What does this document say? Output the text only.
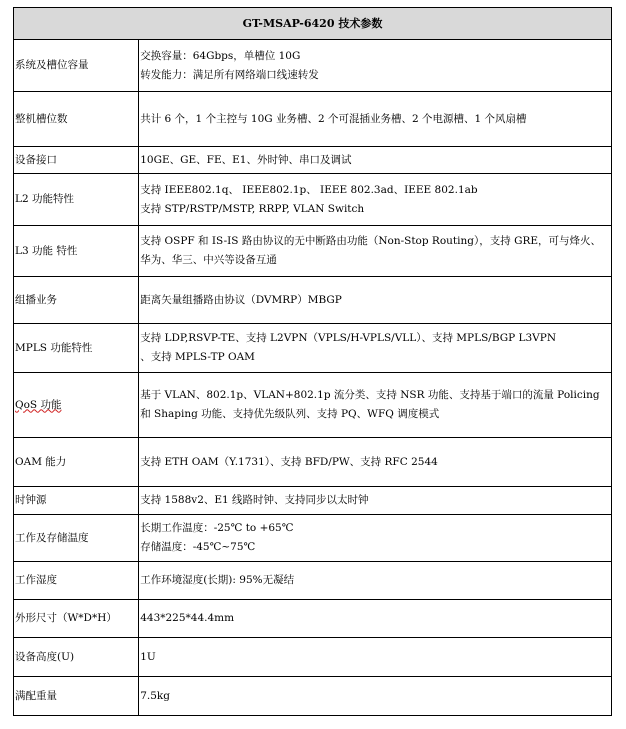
GT-MSAP-6420 技术参数	
系统及槽位容量	交换容量：64Gbps，单槽位 10G
转发能力：满足所有网络端口线速转发

整机槽位数	共计 6 个，1 个主控与 10G 业务槽、2 个可混插业务槽、2 个电源槽、1 个风扇槽

设备接口	10GE、GE、FE、E1、外时钟、串口及调试

L2 功能特性	支持 IEEE802.1q、 IEEE802.1p、 IEEE 802.3ad、IEEE 802.1ab
支持 STP/RSTP/MSTP, RRPP, VLAN Switch

L3 功能 特性	支持 OSPF 和 IS-IS 路由协议的无中断路由功能（Non-Stop Routing），支持 GRE，可与烽火、华为、华三、中兴等设备互通

组播业务	距离矢量组播路由协议（DVMRP）MBGP

MPLS 功能特性	支持 LDP,RSVP-TE、支持 L2VPN（VPLS/H-VPLS/VLL）、支持 MPLS/BGP L3VPN
、支持 MPLS-TP OAM

QoS 功能	基于 VLAN、802.1p、VLAN+802.1p 流分类、支持 NSR 功能、支持基于端口的流量 Policing 和 Shaping 功能、支持优先级队列、支持 PQ、WFQ 调度模式

OAM 能力	支持 ETH OAM（Y.1731）、支持 BFD/PW、支持 RFC 2544

时钟源	支持 1588v2、E1 线路时钟、支持同步以太时钟

工作及存储温度	长期工作温度：-25℃ to +65℃
存储温度：-45℃~75℃

工作湿度	工作环境湿度(长期): 95%无凝结

外形尺寸（W*D*H）	443*225*44.4mm

设备高度(U)	1U

满配重量	7.5kg
